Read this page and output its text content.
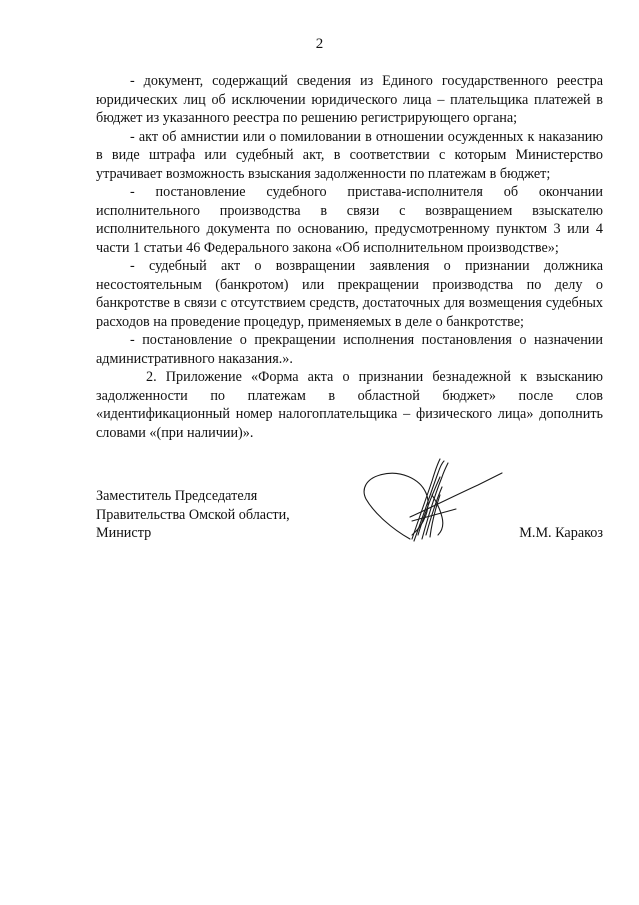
2

- документ, содержащий сведения из Единого государственного реестра юридических лиц об исключении юридического лица – плательщика платежей в бюджет из указанного реестра по решению регистрирующего органа;

- акт об амнистии или о помиловании в отношении осужденных к наказанию в виде штрафа или судебный акт, в соответствии с которым Министерство утрачивает возможность взыскания задолженности по платежам в бюджет;

- постановление судебного пристава-исполнителя об окончании исполнительного производства в связи с возвращением взыскателю исполнительного документа по основанию, предусмотренному пунктом 3 или 4 части 1 статьи 46 Федерального закона «Об исполнительном производстве»;

- судебный акт о возвращении заявления о признании должника несостоятельным (банкротом) или прекращении производства по делу о банкротстве в связи с отсутствием средств, достаточных для возмещения судебных расходов на проведение процедур, применяемых в деле о банкротстве;

- постановление о прекращении исполнения постановления о назначении административного наказания.».

2. Приложение «Форма акта о признании безнадежной к взысканию задолженности по платежам в областной бюджет» после слов «идентификационный номер налогоплательщика – физического лица» дополнить словами «(при наличии)».

Заместитель Председателя
Правительства Омской области,
Министр	М.М. Каракоз
